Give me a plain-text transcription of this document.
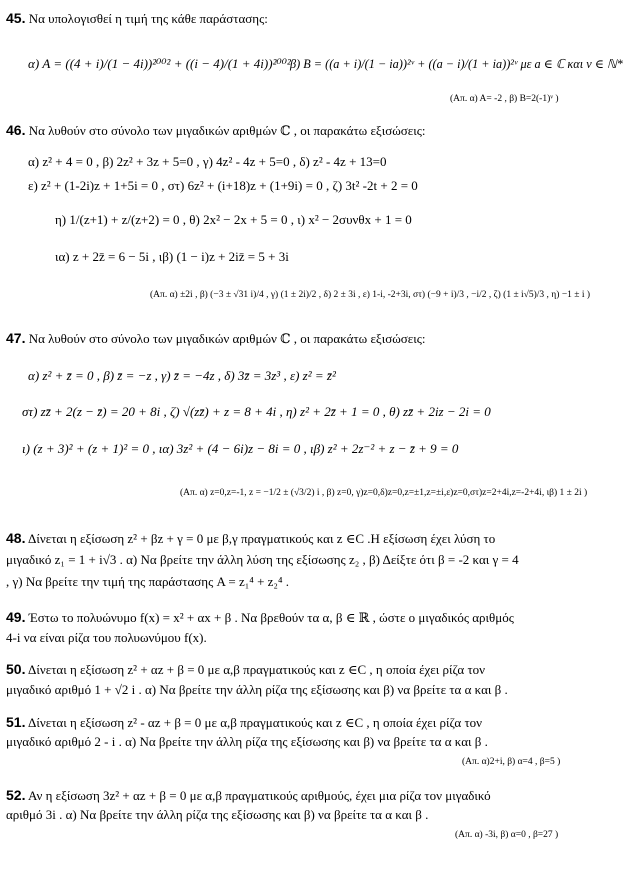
45. Να υπολογισθεί η τιμή της κάθε παράστασης:
α) A = ((4 + i)/(1 − 4i))²⁰⁰² + ((i − 4)/(1 + 4i))²⁰⁰² β) B = ((a + i)/(1 − ia))²ᵛ + ((a − i)/(1 + ia))²ᵛ με a ∈ ℂ και ν ∈ ℕ*
(Απ. α) Α= -2 , β) Β=2(-1)ᵛ )
46. Να λυθούν στο σύνολο των μιγαδικών αριθμών ℂ , οι παρακάτω εξισώσεις:
α) z² + 4 = 0 , β) 2z² + 3z + 5=0 , γ) 4z² - 4z + 5=0 , δ) z² - 4z + 13=0
ε) z² + (1-2i)z + 1+5i = 0 , στ) 6z² + (i+18)z + (1+9i) = 0 , ζ) 3t² -2t + 2 = 0
η) 1/(z+1) + z/(z+2) = 0 , θ) 2x² − 2x + 5 = 0 , ι) x² − 2συνθx + 1 = 0
ια) z + 2z̄ = 6 − 5i , ιβ) (1 − i)z + 2iz̄ = 5 + 3i
(Απ. α) ±2i , β) (−3 ± √31 i)/4 , γ) (1 ± 2i)/2 , δ) 2 ± 3i , ε) 1-i, -2+3i, στ) (−9 + i)/3 , −i/2 , ζ) (1 ± i√5)/3 , η) −1 ± i )
47. Να λυθούν στο σύνολο των μιγαδικών αριθμών ℂ , οι παρακάτω εξισώσεις:
α) z² + z̄ = 0 , β) z̄ = −z , γ) z̄ = −4z , δ) 3z̄ = 3z³ , ε) z² = z̄²
στ) zz̄ + 2(z − z̄) = 20 + 8i , ζ) √(zz̄) + z = 8 + 4i , η) z² + 2z̄ + 1 = 0 , θ) zz̄ + 2iz − 2i = 0
ι) (z + 3)² + (z + 1)² = 0 , ια) 3z² + (4 − 6i)z − 8i = 0 , ιβ) z² + 2z⁻² + z − z̄ + 9 = 0
(Απ. α) z=0,z=-1, z = −1/2 ± (√3/2) i , β) z=0, γ)z=0,δ)z=0,z=±1,z=±i,ε)z=0,στ)z=2+4i,z=-2+4i, ιβ) 1 ± 2i )
48. Δίνεται η εξίσωση z² + βz + γ = 0 με β,γ πραγματικούς και z ∈C .Η εξίσωση έχει λύση το
μιγαδικό z₁ = 1 + i√3 . α) Να βρείτε την άλλη λύση της εξίσωσης z₂ , β) Δείξτε ότι β = -2 και γ = 4
, γ) Να βρείτε την τιμή της παράστασης A = z₁⁴ + z₂⁴ .
49. Έστω το πολυώνυμο f(x) = x² + αx + β . Να βρεθούν τα α, β ∈ ℝ , ώστε ο μιγαδικός αριθμός
4-i να είναι ρίζα του πολυωνύμου f(x).
50. Δίνεται η εξίσωση z² + αz + β = 0 με α,β πραγματικούς και z ∈C , η οποία έχει ρίζα τον
μιγαδικό αριθμό 1 + √2 i . α) Να βρείτε την άλλη ρίζα της εξίσωσης και β) να βρείτε τα α και β .
51. Δίνεται η εξίσωση z² - αz + β = 0 με α,β πραγματικούς και z ∈C , η οποία έχει ρίζα τον
μιγαδικό αριθμό 2 - i . α) Να βρείτε την άλλη ρίζα της εξίσωσης και β) να βρείτε τα α και β .
(Απ. α)2+i, β) α=4 , β=5 )
52. Αν η εξίσωση 3z² + αz + β = 0 με α,β πραγματικούς αριθμούς, έχει μια ρίζα τον μιγαδικό
αριθμό 3i . α) Να βρείτε την άλλη ρίζα της εξίσωσης και β) να βρείτε τα α και β .
(Απ. α) -3i, β) α=0 , β=27 )
